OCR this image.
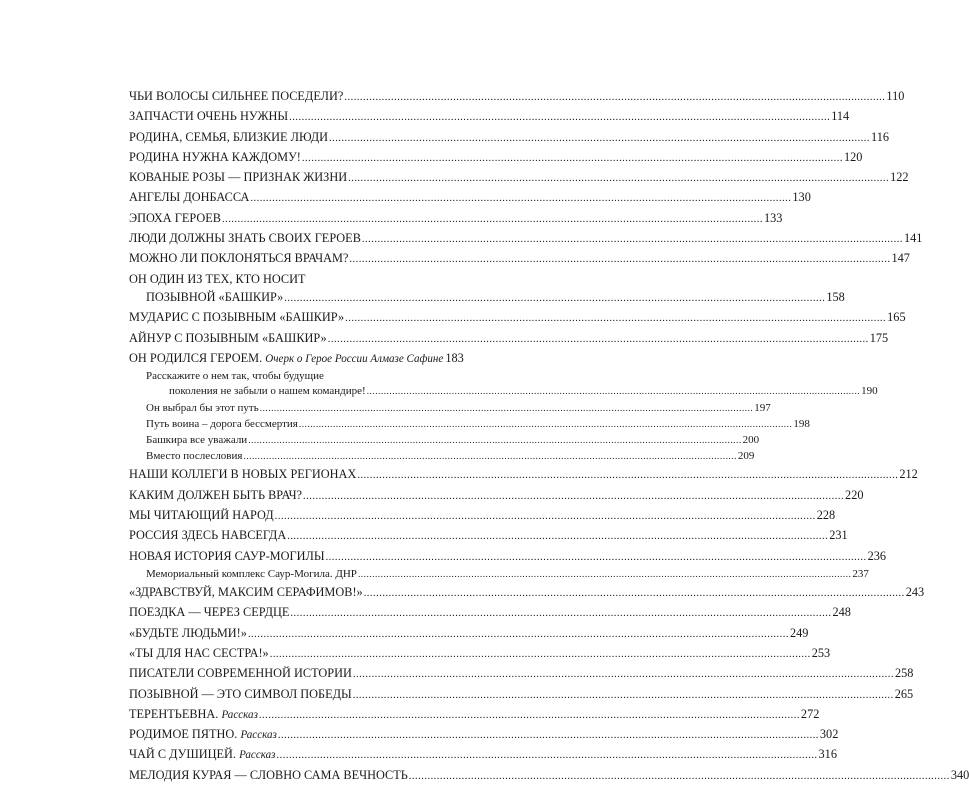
ЧЬИ ВОЛОСЫ СИЛЬНЕЕ ПОСЕДЕЛИ? .....	110
ЗАПЧАСТИ ОЧЕНЬ НУЖНЫ .....	114
РОДИНА, СЕМЬЯ, БЛИЗКИЕ ЛЮДИ .....	116
РОДИНА НУЖНА КАЖДОМУ! .....	120
КОВАНЫЕ РОЗЫ — ПРИЗНАК ЖИЗНИ .....	122
АНГЕЛЫ ДОНБАССА .....	130
ЭПОХА ГЕРОЕВ .....	133
ЛЮДИ ДОЛЖНЫ ЗНАТЬ СВОИХ ГЕРОЕВ .....	141
МОЖНО ЛИ ПОКЛОНЯТЬСЯ ВРАЧАМ? .....	147
ОН ОДИН ИЗ ТЕХ, КТО НОСИТ
ПОЗЫВНОЙ «БАШКИР» .....	158
МУДАРИС С ПОЗЫВНЫМ «БАШКИР» .....	165
АЙНУР С ПОЗЫВНЫМ «БАШКИР» .....	175
ОН РОДИЛСЯ ГЕРОЕМ. Очерк о Герое России Алмазе Сафине 183
Расскажите о нем так, чтобы будущие
поколения не забыли о нашем командире! .....	190
Он выбрал бы этот путь .....	197
Путь воина – дорога бессмертия .....	198
Башкира все уважали .....	200
Вместо послесловия .....	209
НАШИ КОЛЛЕГИ В НОВЫХ РЕГИОНАХ .....	212
КАКИМ ДОЛЖЕН БЫТЬ ВРАЧ? .....	220
МЫ ЧИТАЮЩИЙ НАРОД .....	228
РОССИЯ ЗДЕСЬ НАВСЕГДА .....	231
НОВАЯ ИСТОРИЯ САУР-МОГИЛЫ .....	236
Мемориальный комплекс Саур-Могила. ДНР .....	237
«ЗДРАВСТВУЙ, МАКСИМ СЕРАФИМОВ!» .....	243
ПОЕЗДКА — ЧЕРЕЗ СЕРДЦЕ .....	248
«БУДЬТЕ ЛЮДЬМИ!» .....	249
«ТЫ ДЛЯ НАС СЕСТРА!» .....	253
ПИСАТЕЛИ СОВРЕМЕННОЙ ИСТОРИИ .....	258
ПОЗЫВНОЙ — ЭТО СИМВОЛ ПОБЕДЫ .....	265
ТЕРЕНТЬЕВНА. Рассказ .....	272
РОДИМОЕ ПЯТНО. Рассказ .....	302
ЧАЙ С ДУШИЦЕЙ. Рассказ .....	316
МЕЛОДИЯ КУРАЯ — СЛОВНО САМА ВЕЧНОСТЬ .....	340
